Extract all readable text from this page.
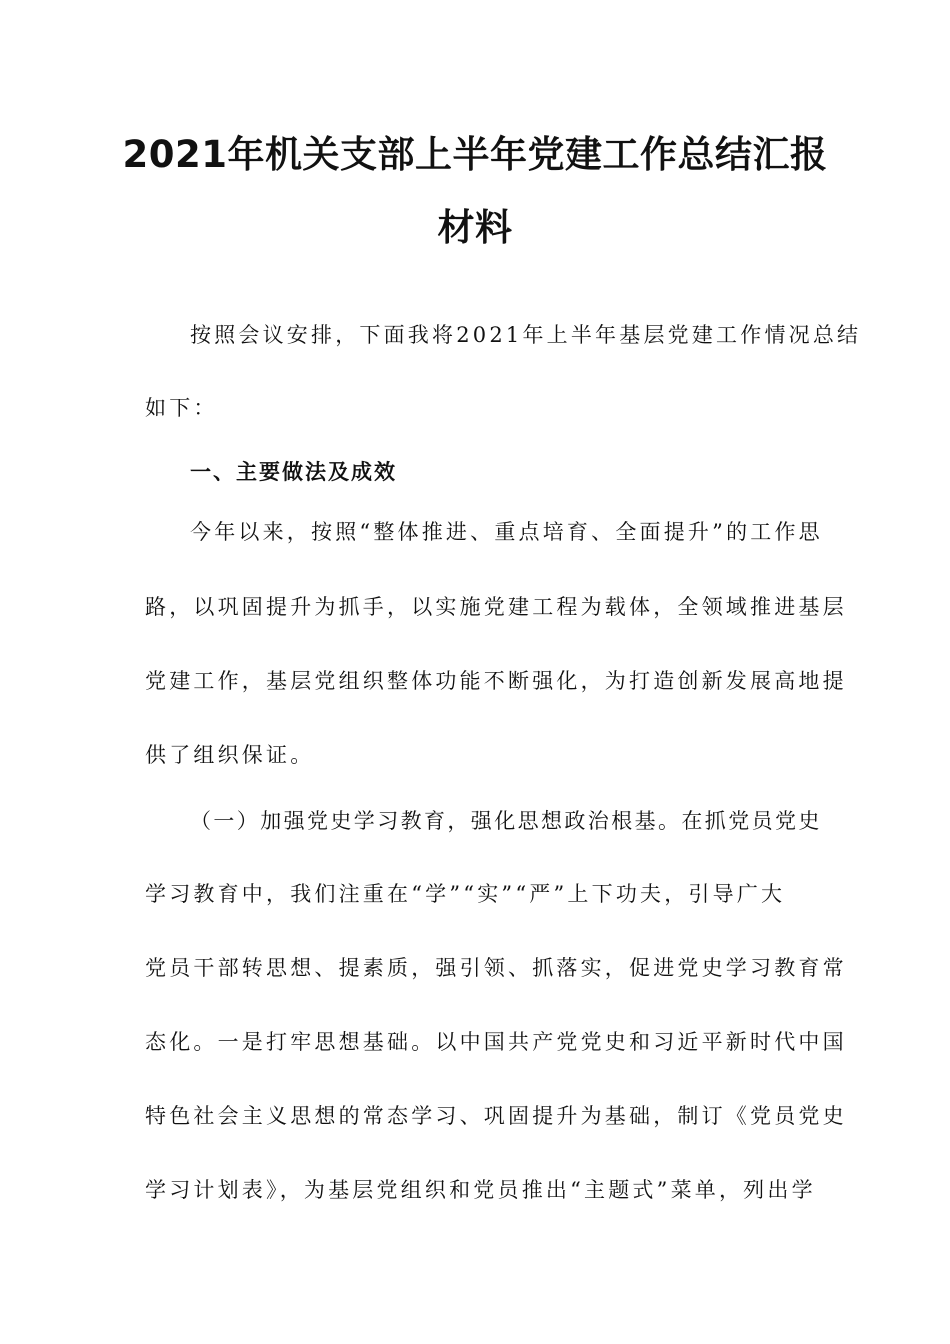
2021年机关支部上半年党建工作总结汇报
材料
按照会议安排，下面我将2021年上半年基层党建工作情况总结
如下：
一、主要做法及成效
今年以来，按照“整体推进、重点培育、全面提升”的工作思
路，以巩固提升为抓手，以实施党建工程为载体，全领域推进基层
党建工作，基层党组织整体功能不断强化，为打造创新发展高地提
供了组织保证。
（一）加强党史学习教育，强化思想政治根基。在抓党员党史
学习教育中，我们注重在“学”“实”“严”上下功夫，引导广大
党员干部转思想、提素质，强引领、抓落实，促进党史学习教育常
态化。一是打牢思想基础。以中国共产党党史和习近平新时代中国
特色社会主义思想的常态学习、巩固提升为基础，制订《党员党史
学习计划表》，为基层党组织和党员推出“主题式”菜单，列出学
